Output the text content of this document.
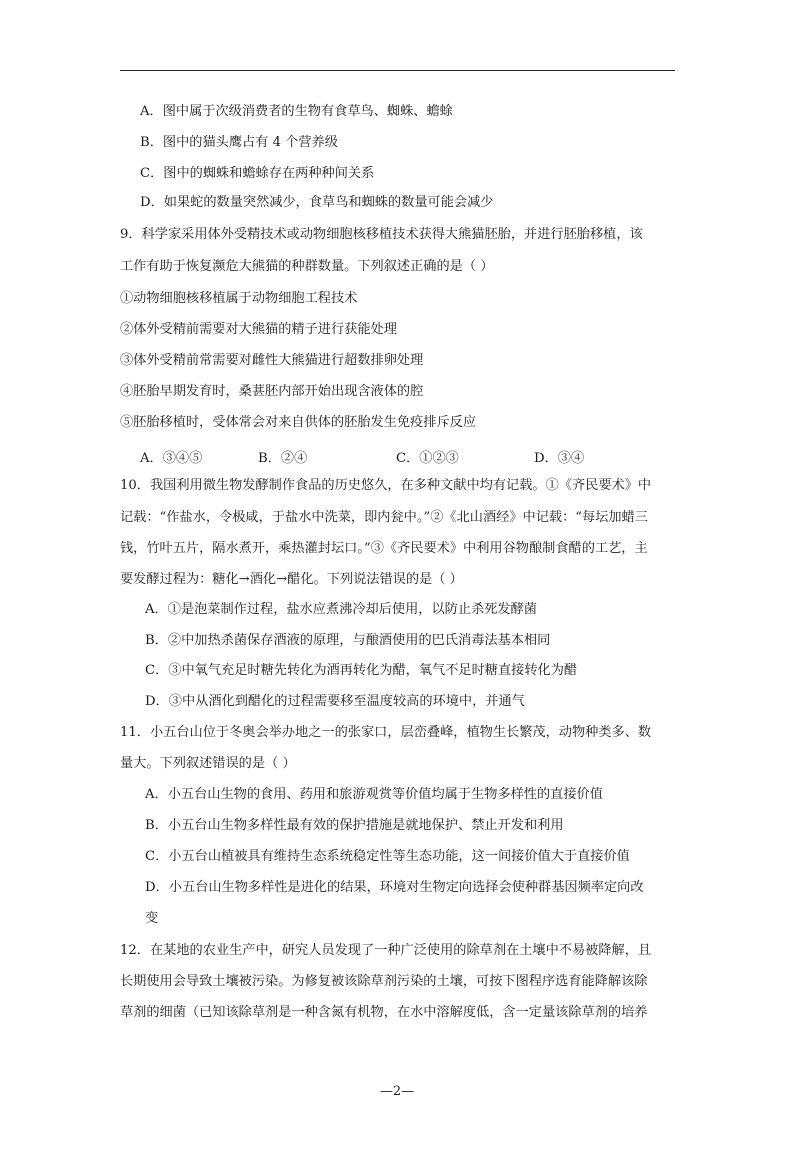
A．图中属于次级消费者的生物有食草鸟、蜘蛛、蟾蜍
B．图中的猫头鹰占有 4 个营养级
C．图中的蜘蛛和蟾蜍存在两种种间关系
D．如果蛇的数量突然减少，食草鸟和蜘蛛的数量可能会减少
9．科学家采用体外受精技术或动物细胞核移植技术获得大熊猫胚胎，并进行胚胎移植，该
工作有助于恢复濒危大熊猫的种群数量。下列叙述正确的是（ ）
①动物细胞核移植属于动物细胞工程技术
②体外受精前需要对大熊猫的精子进行获能处理
③体外受精前常需要对雌性大熊猫进行超数排卵处理
④胚胎早期发育时，桑葚胚内部开始出现含液体的腔
⑤胚胎移植时，受体常会对来自供体的胚胎发生免疫排斥反应
A．③④⑤	B．②④	C．①②③	D．③④
10．我国利用微生物发酵制作食品的历史悠久，在多种文献中均有记载。①《齐民要术》中
记载：“作盐水，令极咸，于盐水中洗菜，即内瓮中。”②《北山酒经》中记载：“每坛加蜡三
钱，竹叶五片，隔水煮开，乘热灌封坛口。”③《齐民要术》中利用谷物酿制食醋的工艺，主
要发酵过程为：糖化→酒化→醋化。下列说法错误的是（ ）
A．①是泡菜制作过程，盐水应煮沸冷却后使用，以防止杀死发酵菌
B．②中加热杀菌保存酒液的原理，与酿酒使用的巴氏消毒法基本相同
C．③中氧气充足时糖先转化为酒再转化为醋，氧气不足时糖直接转化为醋
D．③中从酒化到醋化的过程需要移至温度较高的环境中，并通气
11．小五台山位于冬奥会举办地之一的张家口，层峦叠峰，植物生长繁茂，动物种类多、数
量大。下列叙述错误的是（ ）
A．小五台山生物的食用、药用和旅游观赏等价值均属于生物多样性的直接价值
B．小五台山生物多样性最有效的保护措施是就地保护、禁止开发和利用
C．小五台山植被具有维持生态系统稳定性等生态功能，这一间接价值大于直接价值
D．小五台山生物多样性是进化的结果，环境对生物定向选择会使种群基因频率定向改
变
12．在某地的农业生产中，研究人员发现了一种广泛使用的除草剂在土壤中不易被降解，且
长期使用会导致土壤被污染。为修复被该除草剂污染的土壤，可按下图程序选育能降解该除
草剂的细菌（已知该除草剂是一种含氮有机物，在水中溶解度低，含一定量该除草剂的培养
—2—
